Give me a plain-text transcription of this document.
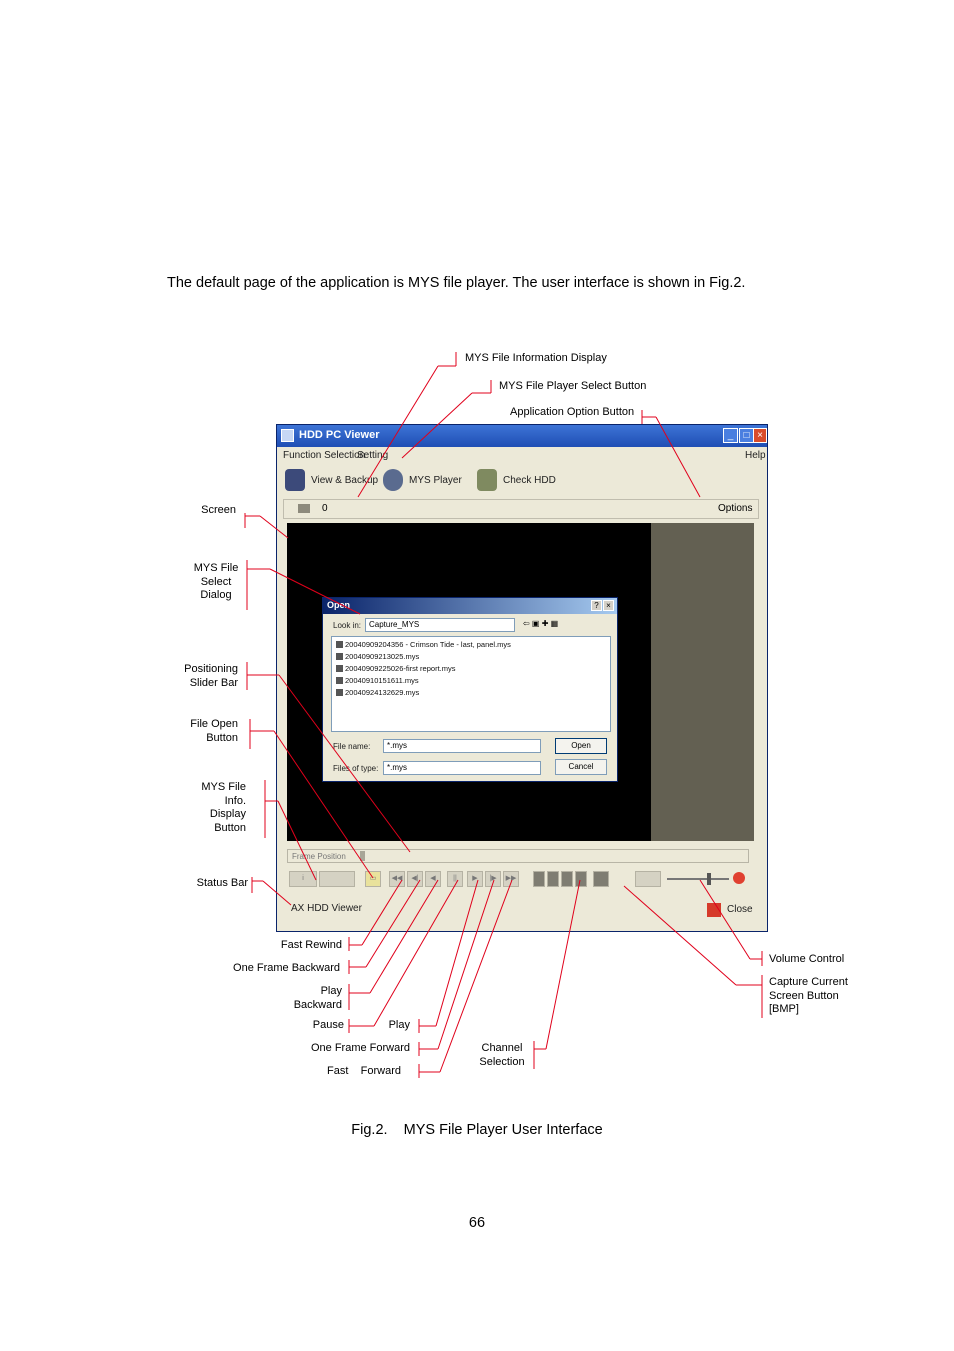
The default page of the application is MYS file player. The user interface is shown in Fig.2.
HDD PC Viewer	_	□ ×
Function Selection
Setting	Help
View & Backup	MYS Player	Check HDD
0	Options
Frame Position
i	▭	◀◀	◀|	◀	||	▶	|▶	▶▶
AX HDD Viewer	Close
Open	? ×
Look in: Capture_MYS	⇦ ▣ ✚ ▦
20040909204356 - Crimson Tide - last, panel.mys
20040909213025.mys
20040909225026-first report.mys
20040910151611.mys
20040924132629.mys
File name:	*.mys
Files of type:	*.mys
Open
Cancel
MYS File Information Display
MYS File Player Select Button
Application Option Button
Screen
MYS File
Select
Dialog
Positioning
Slider Bar
File Open
Button
MYS File
Info.
Display
Button
Status Bar
Fast Rewind
One Frame Backward
Play
Backward
Pause	Play
One Frame Forward
Fast    Forward
Channel
Selection
Volume Control
Capture Current
Screen Button
[BMP]
Fig.2.    MYS File Player User Interface
66
